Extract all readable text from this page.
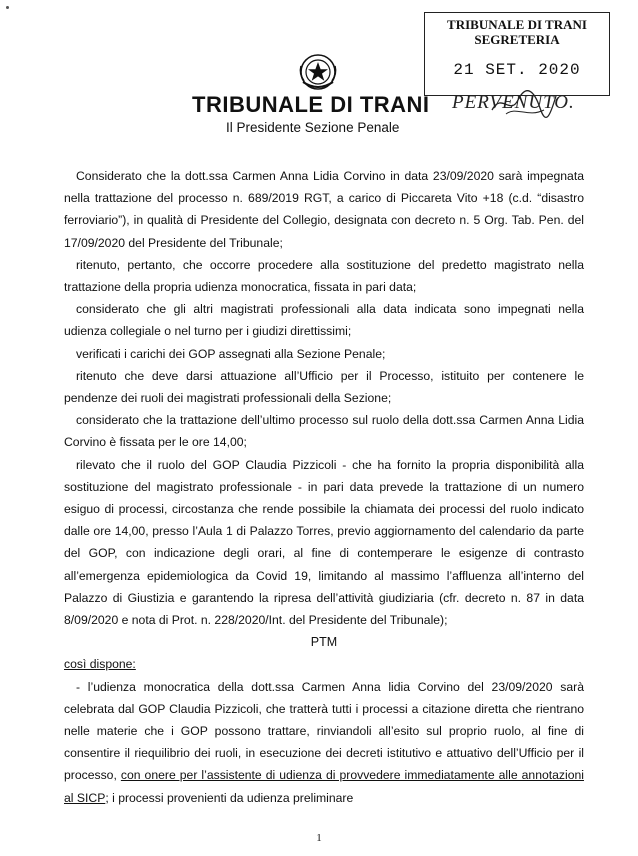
TRIBUNALE DI TRANI
Il Presidente Sezione Penale
TRIBUNALE DI TRANI
SEGRETERIA
21 SET. 2020
PERVENUTO.

Considerato che la dott.ssa Carmen Anna Lidia Corvino in data 23/09/2020 sarà impegnata nella trattazione del processo n. 689/2019 RGT, a carico di Piccareta Vito +18 (c.d. “disastro ferroviario”), in qualità di Presidente del Collegio, designata con decreto n. 5 Org. Tab. Pen. del 17/09/2020 del Presidente del Tribunale;

ritenuto, pertanto, che occorre procedere alla sostituzione del predetto magistrato nella trattazione della propria udienza monocratica, fissata in pari data;

considerato che gli altri magistrati professionali alla data indicata sono impegnati nella udienza collegiale o nel turno per i giudizi direttissimi;

verificati i carichi dei GOP assegnati alla Sezione Penale;

ritenuto che deve darsi attuazione all’Ufficio per il Processo, istituito per contenere le pendenze dei ruoli dei magistrati professionali della Sezione;

considerato che la trattazione dell’ultimo processo sul ruolo della dott.ssa Carmen Anna Lidia Corvino è fissata per le ore 14,00;

rilevato che il ruolo del GOP Claudia Pizzicoli - che ha fornito la propria disponibilità alla sostituzione del magistrato professionale - in pari data prevede la trattazione di un numero esiguo di processi, circostanza che rende possibile la chiamata dei processi del ruolo indicato dalle ore 14,00, presso l’Aula 1 di Palazzo Torres, previo aggiornamento del calendario da parte del GOP, con indicazione degli orari, al fine di contemperare le esigenze di contrasto all’emergenza epidemiologica da Covid 19, limitando al massimo l’affluenza all’interno del Palazzo di Giustizia e garantendo la ripresa dell’attività giudiziaria (cfr. decreto n. 87 in data 8/09/2020 e nota di Prot. n. 228/2020/Int. del Presidente del Tribunale);

PTM

così dispone:

- l’udienza monocratica della dott.ssa Carmen Anna lidia Corvino del 23/09/2020 sarà celebrata dal GOP Claudia Pizzicoli, che tratterà tutti i processi a citazione diretta che rientrano nelle materie che i GOP possono trattare, rinviandoli all’esito sul proprio ruolo, al fine di consentire il riequilibrio dei ruoli, in esecuzione dei decreti istitutivo e attuativo dell’Ufficio per il processo, con onere per l’assistente di udienza di provvedere immediatamente alle annotazioni al SICP; i processi provenienti da udienza preliminare

1
